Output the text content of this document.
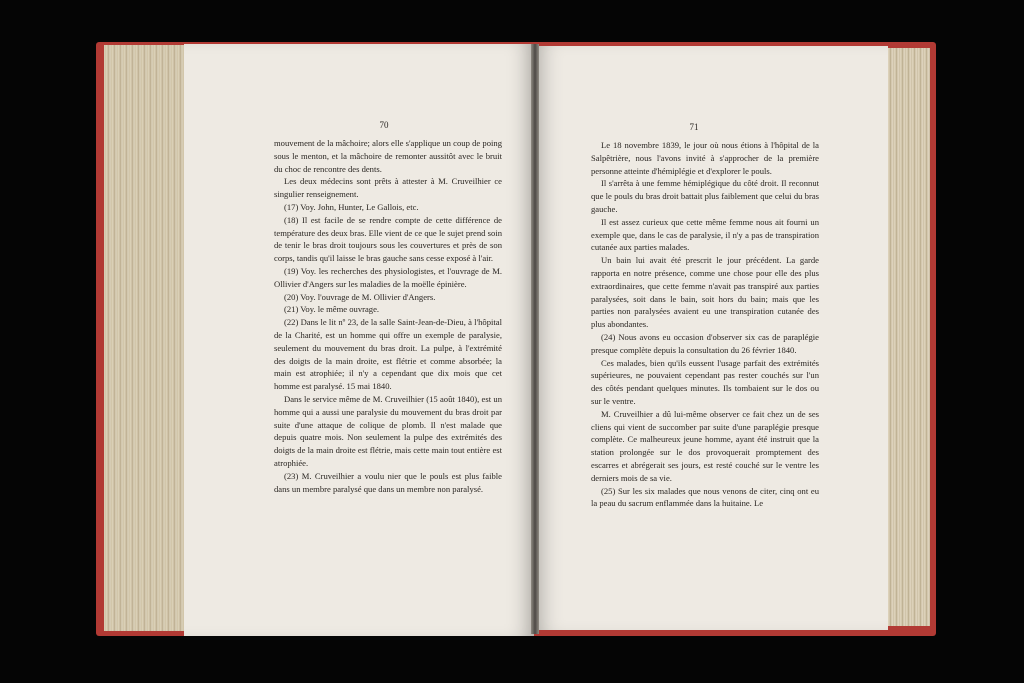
70

mouvement de la mâchoire; alors elle s'applique un coup de poing sous le menton, et la mâchoire de remonter aussitôt avec le bruit du choc de rencontre des dents.

Les deux médecins sont prêts à attester à M. Cruveilhier ce singulier renseignement.

(17) Voy. John, Hunter, Le Gallois, etc.

(18) Il est facile de se rendre compte de cette différence de température des deux bras. Elle vient de ce que le sujet prend soin de tenir le bras droit toujours sous les couvertures et près de son corps, tandis qu'il laisse le bras gauche sans cesse exposé à l'air.

(19) Voy. les recherches des physiologistes, et l'ouvrage de M. Ollivier d'Angers sur les maladies de la moëlle épinière.

(20) Voy. l'ouvrage de M. Ollivier d'Angers.

(21) Voy. le même ouvrage.

(22) Dans le lit nº 23, de la salle Saint-Jean-de-Dieu, à l'hôpital de la Charité, est un homme qui offre un exemple de paralysie, seulement du mouvement du bras droit. La pulpe, à l'extrémité des doigts de la main droite, est flétrie et comme absorbée; la main est atrophiée; il n'y a cependant que dix mois que cet homme est paralysé. 15 mai 1840.

Dans le service même de M. Cruveilhier (15 août 1840), est un homme qui a aussi une paralysie du mouvement du bras droit par suite d'une attaque de colique de plomb. Il n'est malade que depuis quatre mois. Non seulement la pulpe des extrémités des doigts de la main droite est flétrie, mais cette main tout entière est atrophiée.

(23) M. Cruveilhier a voulu nier que le pouls est plus faible dans un membre paralysé que dans un membre non paralysé.

71

Le 18 novembre 1839, le jour où nous étions à l'hôpital de la Salpêtrière, nous l'avons invité à s'approcher de la première personne atteinte d'hémiplégie et d'explorer le pouls.

Il s'arrêta à une femme hémiplégique du côté droit. Il reconnut que le pouls du bras droit battait plus faiblement que celui du bras gauche.

Il est assez curieux que cette même femme nous ait fourni un exemple que, dans le cas de paralysie, il n'y a pas de transpiration cutanée aux parties malades.

Un bain lui avait été prescrit le jour précédent. La garde rapporta en notre présence, comme une chose pour elle des plus extraordinaires, que cette femme n'avait pas transpiré aux parties paralysées, soit dans le bain, soit hors du bain; mais que les parties non paralysées avaient eu une transpiration cutanée des plus abondantes.

(24) Nous avons eu occasion d'observer six cas de paraplégie presque complète depuis la consultation du 26 février 1840.

Ces malades, bien qu'ils eussent l'usage parfait des extrémités supérieures, ne pouvaient cependant pas rester couchés sur l'un des côtés pendant quelques minutes. Ils tombaient sur le dos ou sur le ventre.

M. Cruveilhier a dû lui-même observer ce fait chez un de ses cliens qui vient de succomber par suite d'une paraplégie presque complète. Ce malheureux jeune homme, ayant été instruit que la station prolongée sur le dos provoquerait promptement des escarres et abrégerait ses jours, est resté couché sur le ventre les derniers mois de sa vie.

(25) Sur les six malades que nous venons de citer, cinq ont eu la peau du sacrum enflammée dans la huitaine. Le
